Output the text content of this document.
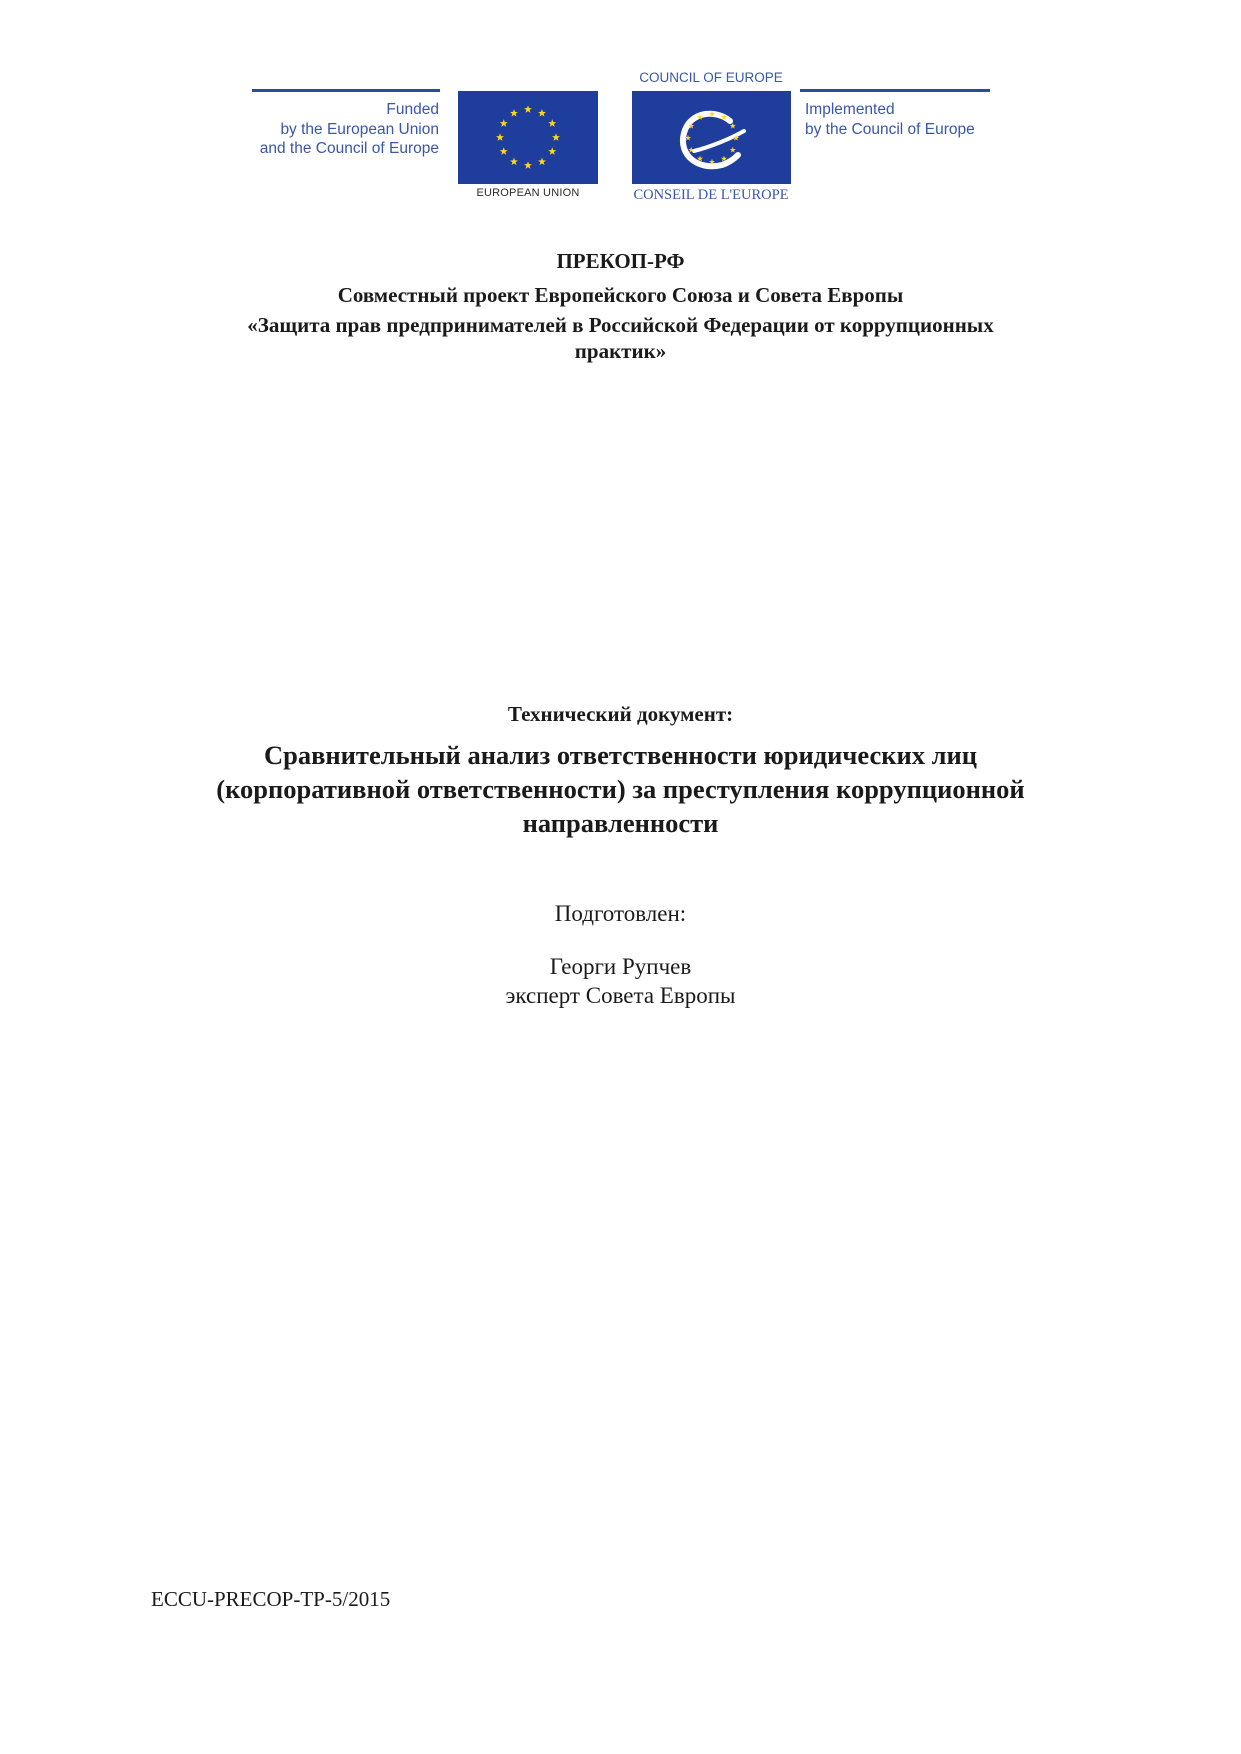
Funded
by the European Union
and the Council of Europe
EUROPEAN UNION
COUNCIL OF EUROPE
CONSEIL DE L'EUROPE
Implemented
by the Council of Europe
ПРЕКОП-РФ
Совместный проект Европейского Союза и Совета Европы
«Защита прав предпринимателей в Российской Федерации от коррупционных
практик»

Технический документ:

Сравнительный анализ ответственности юридических лиц
(корпоративной ответственности) за преступления коррупционной
направленности

Подготовлен:

Георги Рупчев

эксперт Совета Европы

ECCU-PRECOP-TP-5/2015
